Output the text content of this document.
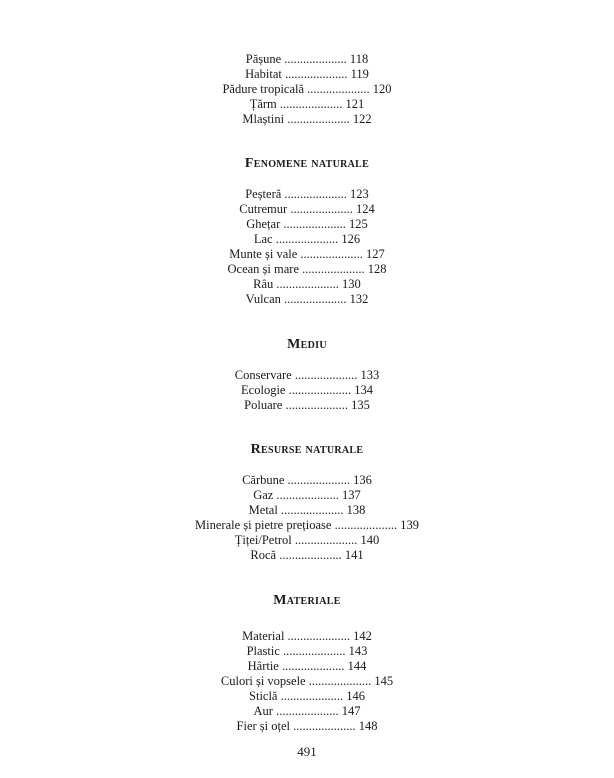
Pășune .................... 118
Habitat .................... 119
Pădure tropicală .................... 120
Țărm .................... 121
Mlaștini .................... 122
Fenomene naturale
Peșteră .................... 123
Cutremur .................... 124
Ghețar .................... 125
Lac .................... 126
Munte și vale .................... 127
Ocean și mare .................... 128
Râu .................... 130
Vulcan .................... 132
Mediu
Conservare .................... 133
Ecologie .................... 134
Poluare .................... 135
Resurse naturale
Cărbune .................... 136
Gaz .................... 137
Metal .................... 138
Minerale și pietre prețioase .................... 139
Țiței/Petrol .................... 140
Rocă .................... 141
Materiale
Material .................... 142
Plastic .................... 143
Hârtie .................... 144
Culori și vopsele .................... 145
Sticlă .................... 146
Aur .................... 147
Fier și oțel .................... 148
491
